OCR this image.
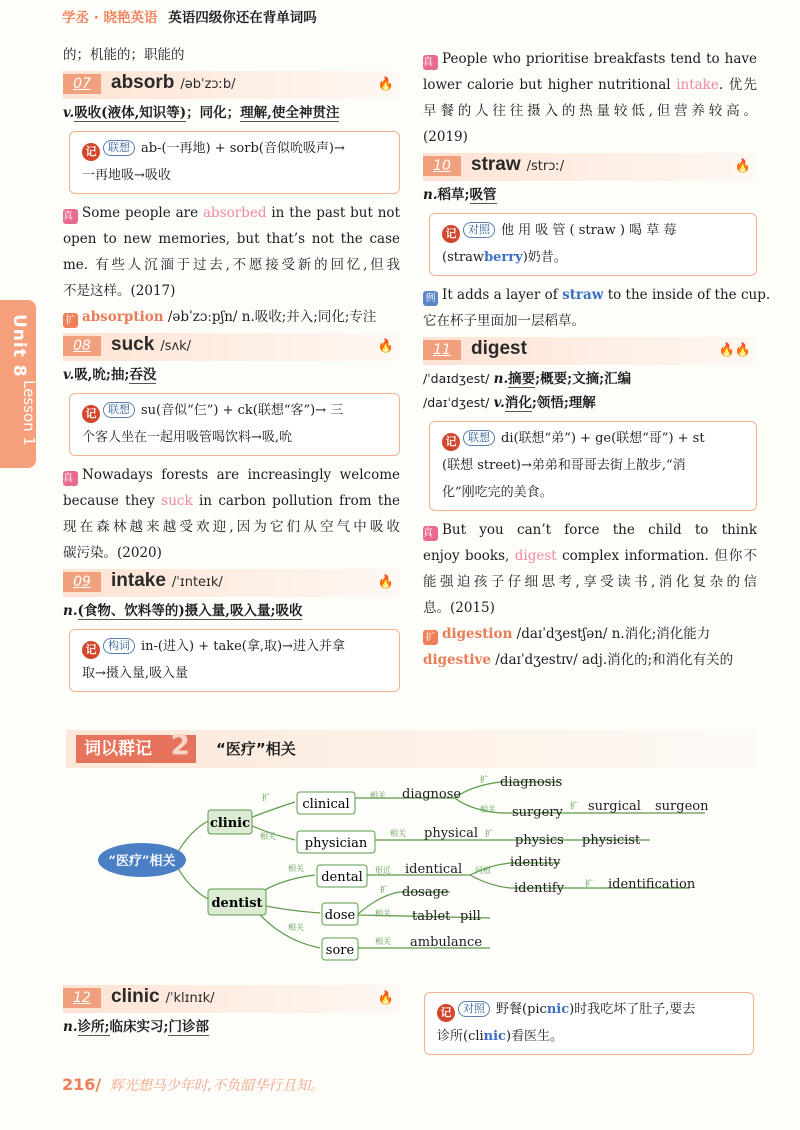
学丞 · 晓艳英语 英语四级你还在背单词吗
Unit 8
Lesson 1
的；机能的；职能的
07	absorb /əbˈzɔːb/	🔥
v.吸收(液体,知识等)；同化；理解,使全神贯注
记 联想 ab-(一再地) + sorb(音似吮吸声)→
一再地吸→吸收
真 Some people are absorbed in the past but not
open to new memories, but that’s not the case
me. 有些人沉湎于过去,不愿接受新的回忆,但我
不是这样。(2017)
扩 absorption /əbˈzɔːpʃn/ n.吸收;并入;同化;专注
08	suck /sʌk/	🔥
v.吸,吮;抽;吞没
记 联想 su(音似“仨”) + ck(联想“客”)→ 三
个客人坐在一起用吸管喝饮料→吸,吮
真 Nowadays forests are increasingly welcome
because they suck in carbon pollution from the
现在森林越来越受欢迎,因为它们从空气中吸收
碳污染。(2020)
09	intake /ˈɪnteɪk/	🔥
n.(食物、饮料等的)摄入量,吸入量;吸收
记 构词 in-(进入) + take(拿,取)→进入并拿
取→摄入量,吸入量
真 People who prioritise breakfasts tend to have
lower calorie but higher nutritional intake. 优先
早餐的人往往摄入的热量较低,但营养较高。
(2019)
10	straw /strɔː/	🔥
n.稻草;吸管
记 对照 他 用 吸 管 ( straw ) 喝 草 莓
(strawberry)奶昔。
例 It adds a layer of straw to the inside of the cup.
它在杯子里面加一层稻草。
11	digest	🔥🔥
/ˈdaɪdʒest/ n.摘要;概要;文摘;汇编
/daɪˈdʒest/ v.消化;领悟;理解
记 联想 di(联想“弟”) + ge(联想“哥”) + st
(联想 street)→弟弟和哥哥去街上散步,“消
化”刚吃完的美食。
真 But you can’t force the child to think
enjoy books, digest complex information. 但你不
能强迫孩子仔细思考,享受读书,消化复杂的信
息。(2015)
扩 digestion /daɪˈdʒestʃən/ n.消化;消化能力
digestive /daɪˈdʒestɪv/ adj.消化的;和消化有关的
词以群记 2 “医疗”相关
“医疗”相关
clinic
dentist
clinical
physician
dental
dose
sore
diagnose
diagnosis
surgery surgical surgeon
physical	physics physicist
identical	identity
identify	identification
dosage
tablet pill
ambulance
扩
相关
相关
扩
相关	扩
相关	扩
相关	形近	同根
扩
扩
相关
相关
相关
12	clinic /ˈklɪnɪk/	🔥
n.诊所;临床实习;门诊部
记 对照 野餐(picnic)时我吃坏了肚子,要去
诊所(clinic)看医生。
216/ 辉光想马少年时,不负韶华行且知。
